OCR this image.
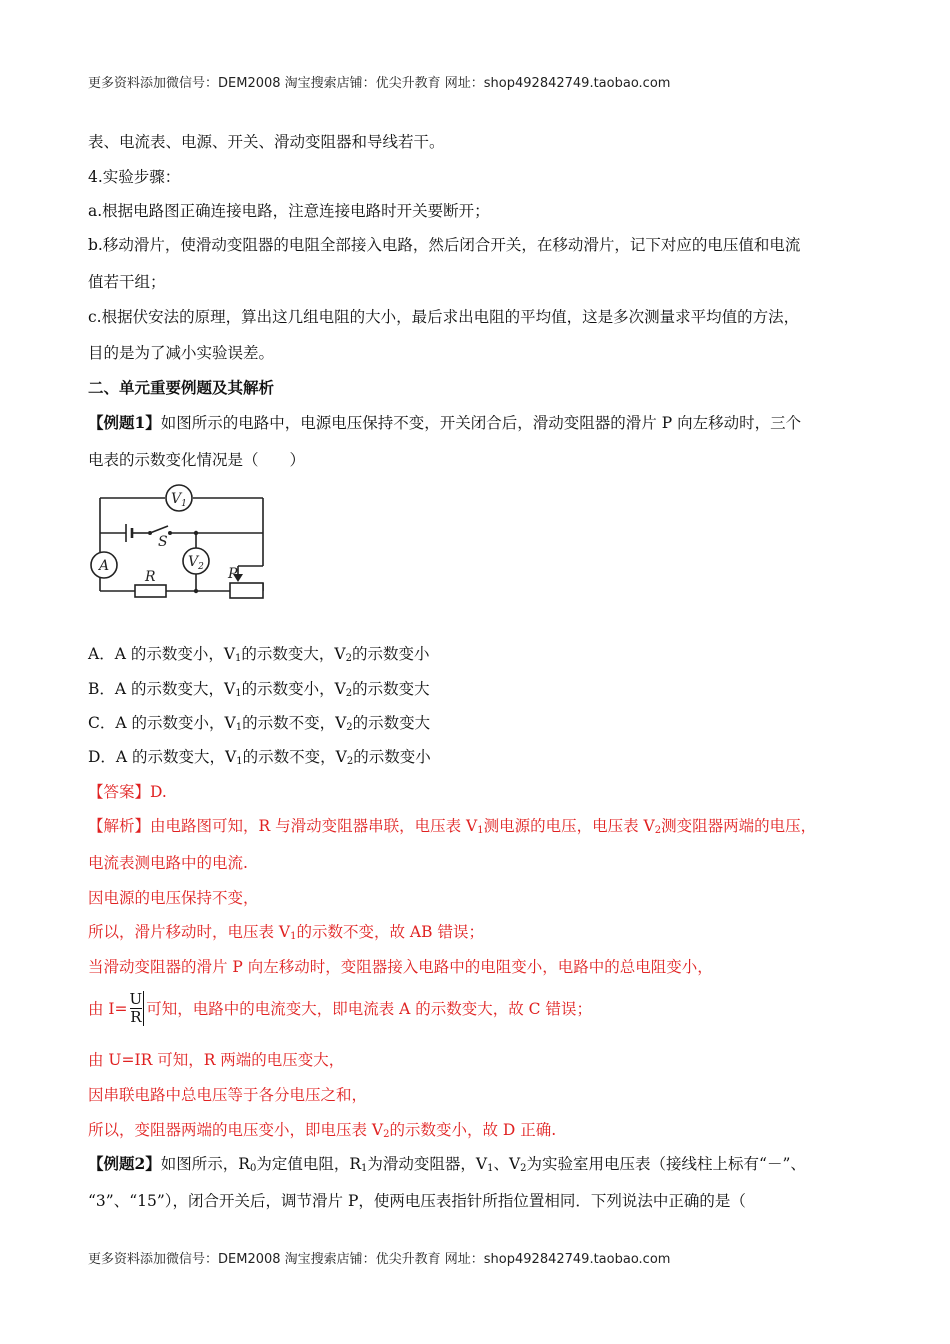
更多资料添加微信号：DEM2008 淘宝搜索店铺：优尖升教育 网址：shop492842749.taobao.com
表、电流表、电源、开关、滑动变阻器和导线若干。
4.实验步骤：
a.根据电路图正确连接电路，注意连接电路时开关要断开；
b.移动滑片，使滑动变阻器的电阻全部接入电路，然后闭合开关，在移动滑片，记下对应的电压值和电流
值若干组；
c.根据伏安法的原理，算出这几组电阻的大小，最后求出电阻的平均值，这是多次测量求平均值的方法，
目的是为了减小实验误差。
二、单元重要例题及其解析
【例题1】如图所示的电路中，电源电压保持不变，开关闭合后，滑动变阻器的滑片 P 向左移动时，三个
电表的示数变化情况是（　　）
$V_1$
A	$V_2$
S
R	P
A．A 的示数变小，$V_1$的示数变大，$V_2$的示数变小
B．A 的示数变大，$V_1$的示数变小，$V_2$的示数变大
C．A 的示数变小，$V_1$的示数不变，$V_2$的示数变大
D．A 的示数变大，$V_1$的示数不变，$V_2$的示数变小
【答案】D.
【解析】由电路图可知，R 与滑动变阻器串联，电压表 $V_1$测电源的电压，电压表 $V_2$测变阻器两端的电压，
电流表测电路中的电流.
因电源的电压保持不变，
所以，滑片移动时，电压表 $V_1$的示数不变，故 AB 错误；
当滑动变阻器的滑片 P 向左移动时，变阻器接入电路中的电阻变小，电路中的总电阻变小，
由 $I= \frac{U}{R}$ 可知，电路中的电流变大，即电流表 A 的示数变大，故 C 错误；
由 U=IR 可知，R 两端的电压变大，
因串联电路中总电压等于各分电压之和，
所以，变阻器两端的电压变小，即电压表 $V_2$的示数变小，故 D 正确.
【例题2】如图所示，$R_0$为定值电阻，$R_1$为滑动变阻器，$V_1$、$V_2$为实验室用电压表（接线柱上标有“－”、
“3”、“15”），闭合开关后，调节滑片 P，使两电压表指针所指位置相同．下列说法中正确的是（
更多资料添加微信号：DEM2008 淘宝搜索店铺：优尖升教育 网址：shop492842749.taobao.com
